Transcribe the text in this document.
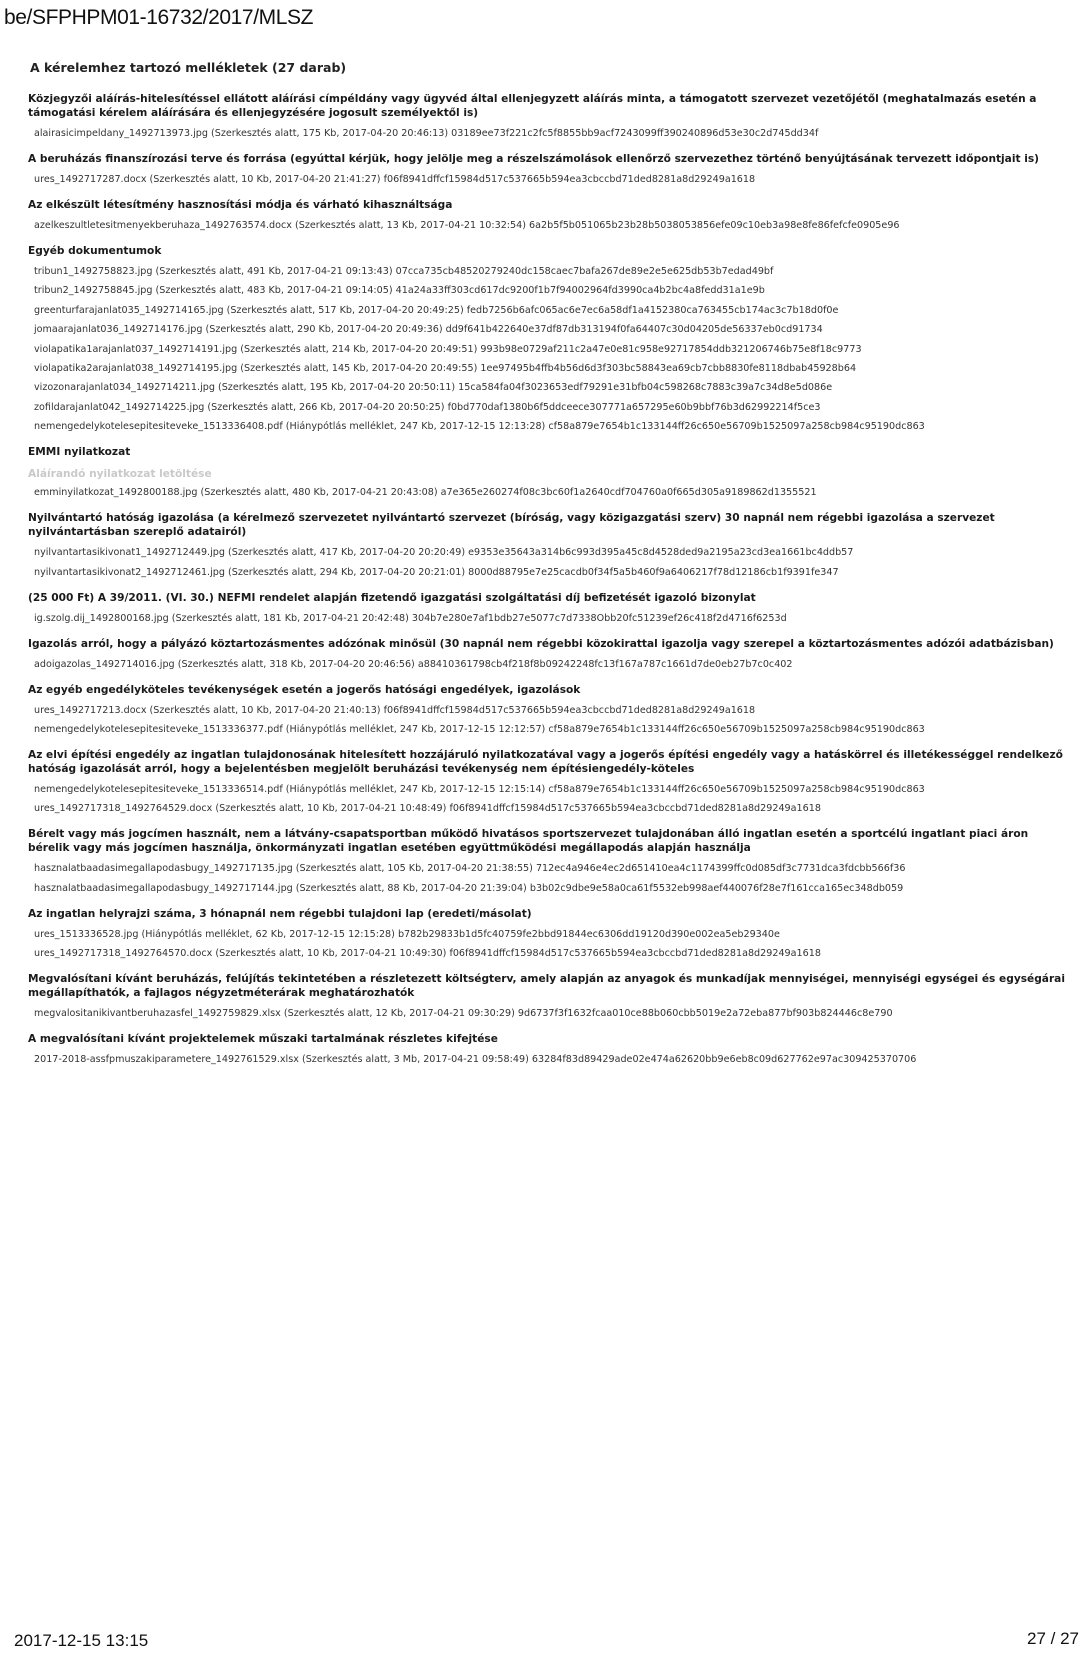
be/SFPHPM01-16732/2017/MLSZ
A kérelemhez tartozó mellékletek (27 darab)
Közjegyzői aláírás-hitelesítéssel ellátott aláírási címpéldány vagy ügyvéd által ellenjegyzett aláírás minta, a támogatott szervezet vezetőjétől (meghatalmazás esetén a támogatási kérelem aláírására és ellenjegyzésére jogosult személyektől is)
alairasicimpeldany_1492713973.jpg (Szerkesztés alatt, 175 Kb, 2017-04-20 20:46:13) 03189ee73f221c2fc5f8855bb9acf7243099ff390240896d53e30c2d745dd34f
A beruházás finanszírozási terve és forrása (egyúttal kérjük, hogy jelölje meg a részelszámolások ellenőrző szervezethez történő benyújtásának tervezett időpontjait is)
ures_1492717287.docx (Szerkesztés alatt, 10 Kb, 2017-04-20 21:41:27) f06f8941dffcf15984d517c537665b594ea3cbccbd71ded8281a8d29249a1618
Az elkészült létesítmény hasznosítási módja és várható kihasználtsága
azelkeszultletesitmenyekberuhaza_1492763574.docx (Szerkesztés alatt, 13 Kb, 2017-04-21 10:32:54) 6a2b5f5b051065b23b28b5038053856efe09c10eb3a98e8fe86fefcfe0905e96
Egyéb dokumentumok
tribun1_1492758823.jpg (Szerkesztés alatt, 491 Kb, 2017-04-21 09:13:43) 07cca735cb48520279240dc158caec7bafa267de89e2e5e625db53b7edad49bf
tribun2_1492758845.jpg (Szerkesztés alatt, 483 Kb, 2017-04-21 09:14:05) 41a24a33ff303cd617dc9200f1b7f94002964fd3990ca4b2bc4a8fedd31a1e9b
greenturfarajanlat035_1492714165.jpg (Szerkesztés alatt, 517 Kb, 2017-04-20 20:49:25) fedb7256b6afc065ac6e7ec6a58df1a4152380ca763455cb174ac3c7b18d0f0e
jomaarajanlat036_1492714176.jpg (Szerkesztés alatt, 290 Kb, 2017-04-20 20:49:36) dd9f641b422640e37df87db313194f0fa64407c30d04205de56337eb0cd91734
violapatika1arajanlat037_1492714191.jpg (Szerkesztés alatt, 214 Kb, 2017-04-20 20:49:51) 993b98e0729af211c2a47e0e81c958e92717854ddb321206746b75e8f18c9773
violapatika2arajanlat038_1492714195.jpg (Szerkesztés alatt, 145 Kb, 2017-04-20 20:49:55) 1ee97495b4ffb4b56d6d3f303bc58843ea69cb7cbb8830fe8118dbab45928b64
vizozonarajanlat034_1492714211.jpg (Szerkesztés alatt, 195 Kb, 2017-04-20 20:50:11) 15ca584fa04f3023653edf79291e31bfb04c598268c7883c39a7c34d8e5d086e
zofildarajanlat042_1492714225.jpg (Szerkesztés alatt, 266 Kb, 2017-04-20 20:50:25) f0bd770daf1380b6f5ddceece307771a657295e60b9bbf76b3d62992214f5ce3
nemengedelykotelesepitesiteveke_1513336408.pdf (Hiánypótlás melléklet, 247 Kb, 2017-12-15 12:13:28) cf58a879e7654b1c133144ff26c650e56709b1525097a258cb984c95190dc863
EMMI nyilatkozat
Aláírandó nyilatkozat letöltése
emminyilatkozat_1492800188.jpg (Szerkesztés alatt, 480 Kb, 2017-04-21 20:43:08) a7e365e260274f08c3bc60f1a2640cdf704760a0f665d305a9189862d1355521
Nyilvántartó hatóság igazolása (a kérelmező szervezetet nyilvántartó szervezet (bíróság, vagy közigazgatási szerv) 30 napnál nem régebbi igazolása a szervezet nyilvántartásban szereplő adatairól)
nyilvantartasikivonat1_1492712449.jpg (Szerkesztés alatt, 417 Kb, 2017-04-20 20:20:49) e9353e35643a314b6c993d395a45c8d4528ded9a2195a23cd3ea1661bc4ddb57
nyilvantartasikivonat2_1492712461.jpg (Szerkesztés alatt, 294 Kb, 2017-04-20 20:21:01) 8000d88795e7e25cacdb0f34f5a5b460f9a6406217f78d12186cb1f9391fe347
(25 000 Ft) A 39/2011. (VI. 30.) NEFMI rendelet alapján fizetendő igazgatási szolgáltatási díj befizetését igazoló bizonylat
ig.szolg.dij_1492800168.jpg (Szerkesztés alatt, 181 Kb, 2017-04-21 20:42:48) 304b7e280e7af1bdb27e5077c7d7338Obb20fc51239ef26c418f2d4716f6253d
Igazolás arról, hogy a pályázó köztartozásmentes adózónak minősül (30 napnál nem régebbi közokirattal igazolja vagy szerepel a köztartozásmentes adózói adatbázisban)
adoigazolas_1492714016.jpg (Szerkesztés alatt, 318 Kb, 2017-04-20 20:46:56) a88410361798cb4f218f8b09242248fc13f167a787c1661d7de0eb27b7c0c402
Az egyéb engedélyköteles tevékenységek esetén a jogerős hatósági engedélyek, igazolások
ures_1492717213.docx (Szerkesztés alatt, 10 Kb, 2017-04-20 21:40:13) f06f8941dffcf15984d517c537665b594ea3cbccbd71ded8281a8d29249a1618
nemengedelykotelesepitesiteveke_1513336377.pdf (Hiánypótlás melléklet, 247 Kb, 2017-12-15 12:12:57) cf58a879e7654b1c133144ff26c650e56709b1525097a258cb984c95190dc863
Az elvi építési engedély az ingatlan tulajdonosának hitelesített hozzájáruló nyilatkozatával vagy a jogerős építési engedély vagy a hatáskörrel és illetékességgel rendelkező hatóság igazolását arról, hogy a bejelentésben megjelölt beruházási tevékenység nem építésiengedély-köteles
nemengedelykotelesepitesiteveke_1513336514.pdf (Hiánypótlás melléklet, 247 Kb, 2017-12-15 12:15:14) cf58a879e7654b1c133144ff26c650e56709b1525097a258cb984c95190dc863
ures_1492717318_1492764529.docx (Szerkesztés alatt, 10 Kb, 2017-04-21 10:48:49) f06f8941dffcf15984d517c537665b594ea3cbccbd71ded8281a8d29249a1618
Bérelt vagy más jogcímen használt, nem a látvány-csapatsportban működő hivatásos sportszervezet tulajdonában álló ingatlan esetén a sportcélú ingatlant piaci áron bérelik vagy más jogcímen használja, önkormányzati ingatlan esetében együttműködési megállapodás alapján használja
hasznalatbaadasimegallapodasbugy_1492717135.jpg (Szerkesztés alatt, 105 Kb, 2017-04-20 21:38:55) 712ec4a946e4ec2d651410ea4c1174399ffc0d085df3c7731dca3fdcbb566f36
hasznalatbaadasimegallapodasbugy_1492717144.jpg (Szerkesztés alatt, 88 Kb, 2017-04-20 21:39:04) b3b02c9dbe9e58a0ca61f5532eb998aef440076f28e7f161cca165ec348db059
Az ingatlan helyrajzi száma, 3 hónapnál nem régebbi tulajdoni lap (eredeti/másolat)
ures_1513336528.jpg (Hiánypótlás melléklet, 62 Kb, 2017-12-15 12:15:28) b782b29833b1d5fc40759fe2bbd91844ec6306dd19120d390e002ea5eb29340e
ures_1492717318_1492764570.docx (Szerkesztés alatt, 10 Kb, 2017-04-21 10:49:30) f06f8941dffcf15984d517c537665b594ea3cbccbd71ded8281a8d29249a1618
Megvalósítani kívánt beruházás, felújítás tekintetében a részletezett költségterv, amely alapján az anyagok és munkadíjak mennyiségei, mennyiségi egységei és egységárai megállapíthatók, a fajlagos négyzetméterárak meghatározhatók
megvalositanikivantberuhazasfel_1492759829.xlsx (Szerkesztés alatt, 12 Kb, 2017-04-21 09:30:29) 9d6737f3f1632fcaa010ce88b060cbb5019e2a72eba877bf903b824446c8e790
A megvalósítani kívánt projektelemek műszaki tartalmának részletes kifejtése
2017-2018-assfpmuszakiparametere_1492761529.xlsx (Szerkesztés alatt, 3 Mb, 2017-04-21 09:58:49) 63284f83d89429ade02e474a62620bb9e6eb8c09d627762e97ac309425370706
2017-12-15 13:15	27 / 27
